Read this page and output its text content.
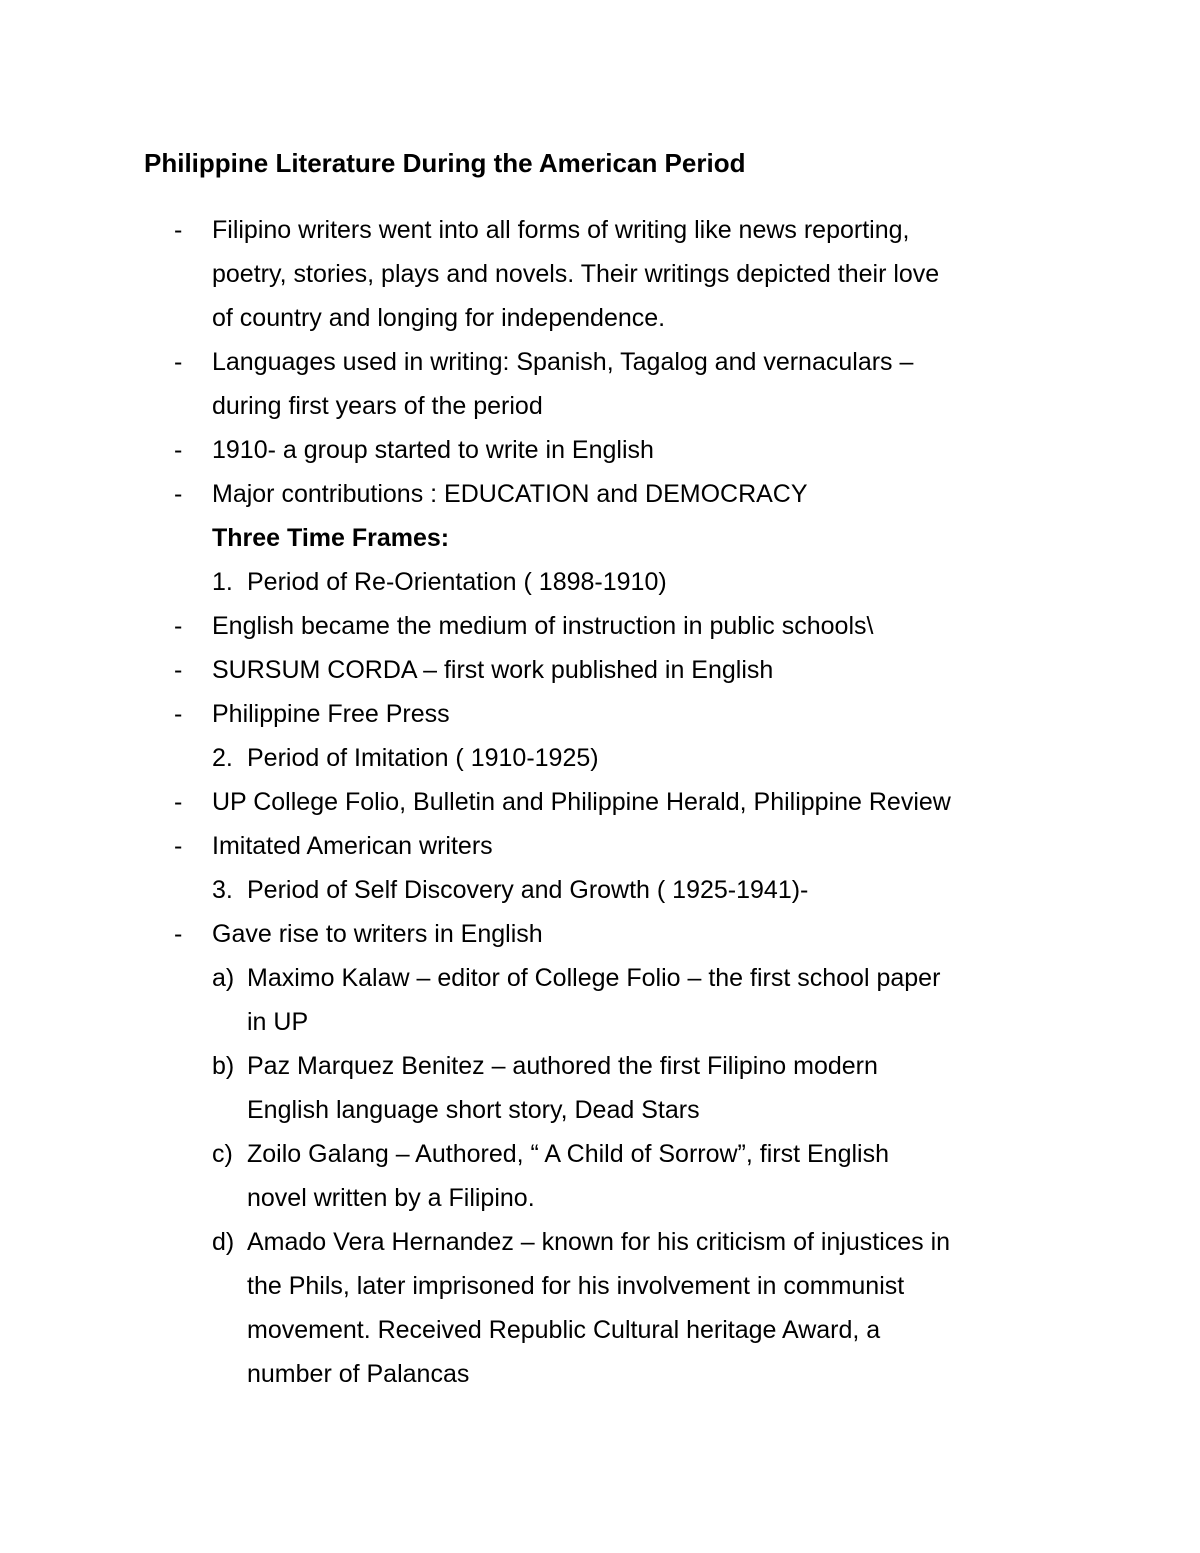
Philippine Literature During the American Period
- Filipino writers went into all forms of writing like news reporting,
poetry, stories, plays and novels. Their writings depicted their love
of country and longing for independence.
- Languages used in writing: Spanish, Tagalog and vernaculars –
during first years of the period
- 1910- a group started to write in English
- Major contributions : EDUCATION and DEMOCRACY
Three Time Frames:
1. Period of Re-Orientation ( 1898-1910)
- English became the medium of instruction in public schools\
- SURSUM CORDA – first work published in English
- Philippine Free Press
2. Period of Imitation ( 1910-1925)
- UP College Folio, Bulletin and Philippine Herald, Philippine Review
- Imitated American writers
3. Period of Self Discovery and Growth ( 1925-1941)-
- Gave rise to writers in English
a) Maximo Kalaw – editor of College Folio – the first school paper
in UP
b) Paz Marquez Benitez – authored the first Filipino modern
English language short story, Dead Stars
c) Zoilo Galang – Authored, “ A Child of Sorrow”, first English
novel written by a Filipino.
d) Amado Vera Hernandez – known for his criticism of injustices in
the Phils, later imprisoned for his involvement in communist
movement. Received Republic Cultural heritage Award, a
number of Palancas
